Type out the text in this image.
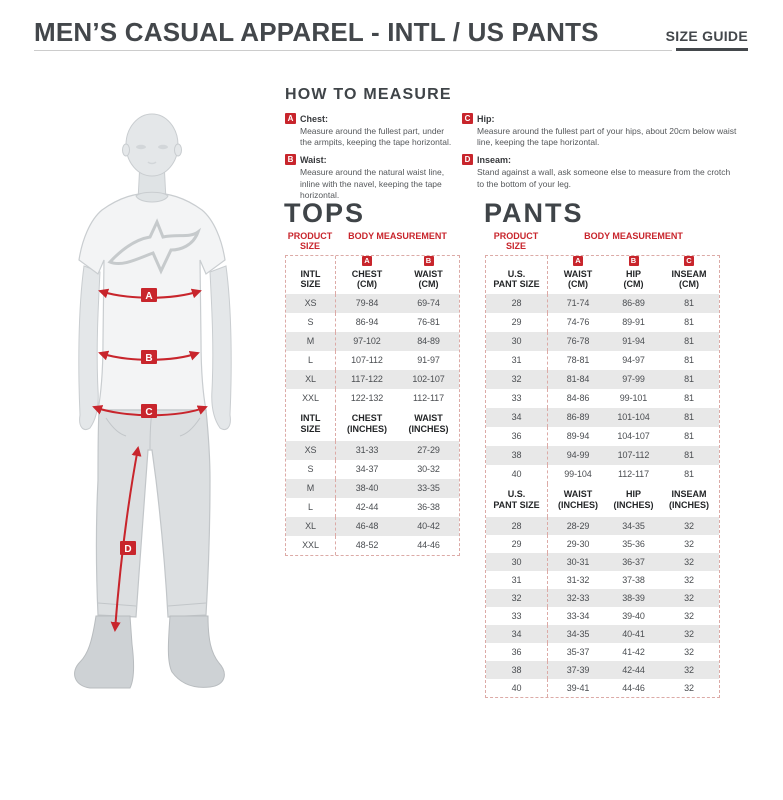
MEN’S CASUAL APPAREL - INTL / US PANTS	SIZE GUIDE
A
B
C
D
HOW TO MEASURE
A Chest:

Measure around the fullest part, under the armpits, keeping the tape horizontal.

B Waist:

Measure around the natural waist line, inline with the navel, keeping the tape horizontal.

C Hip:

Measure around the fullest part of your hips, about 20cm below waist line, keeping the tape horizontal.

D Inseam:

Stand against a wall, ask someone else to measure from the crotch to the bottom of your leg.

TOPS
PRODUCT SIZE
BODY MEASUREMENT
INTL
SIZE
A
CHEST
(CM)
B
WAIST
(CM)
XS	79-84	69-74
S	86-94	76-81
M	97-102	84-89
L	107-112	91-97
XL	117-122	102-107
XXL	122-132	112-117
INTL
SIZE
CHEST
(INCHES)
WAIST
(INCHES)
XS	31-33	27-29
S	34-37	30-32
M	38-40	33-35
L	42-44	36-38
XL	46-48	40-42
XXL	48-52	44-46
PANTS
PRODUCT SIZE
BODY MEASUREMENT
U.S.
PANT SIZE
A
WAIST
(CM)
B
HIP
(CM)
C
INSEAM
(CM)
28	71-74	86-89	81
29	74-76	89-91	81
30	76-78	91-94	81
31	78-81	94-97	81
32	81-84	97-99	81
33	84-86	99-101	81
34	86-89	101-104	81
36	89-94	104-107	81
38	94-99	107-112	81
40	99-104	112-117	81
U.S.
PANT SIZE
WAIST
(INCHES)
HIP
(INCHES)
INSEAM
(INCHES)
28	28-29	34-35	32
29	29-30	35-36	32
30	30-31	36-37	32
31	31-32	37-38	32
32	32-33	38-39	32
33	33-34	39-40	32
34	34-35	40-41	32
36	35-37	41-42	32
38	37-39	42-44	32
40	39-41	44-46	32
